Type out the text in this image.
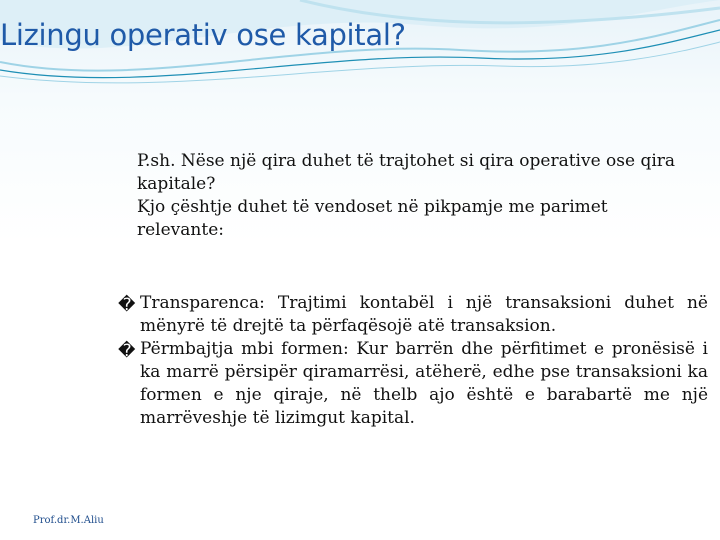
Lizingu operativ ose kapital?

P.sh. Nëse një qira duhet të trajtohet si qira operative ose qira kapitale?

Kjo çështje duhet të vendoset në pikpamje me parimet relevante:

� Transparenca: Trajtimi kontabël i një transaksioni duhet në mënyrë të drejtë ta përfaqësojë atë transaksion.
� Përmbajtja mbi formen: Kur barrën dhe përfitimet e pronësisë i ka marrë përsipër qiramarrësi, atëherë, edhe pse transaksioni ka formen e nje qiraje, në thelb ajo është e barabartë me një marrëveshje të lizimgut kapital.
Prof.dr.M.Aliu
